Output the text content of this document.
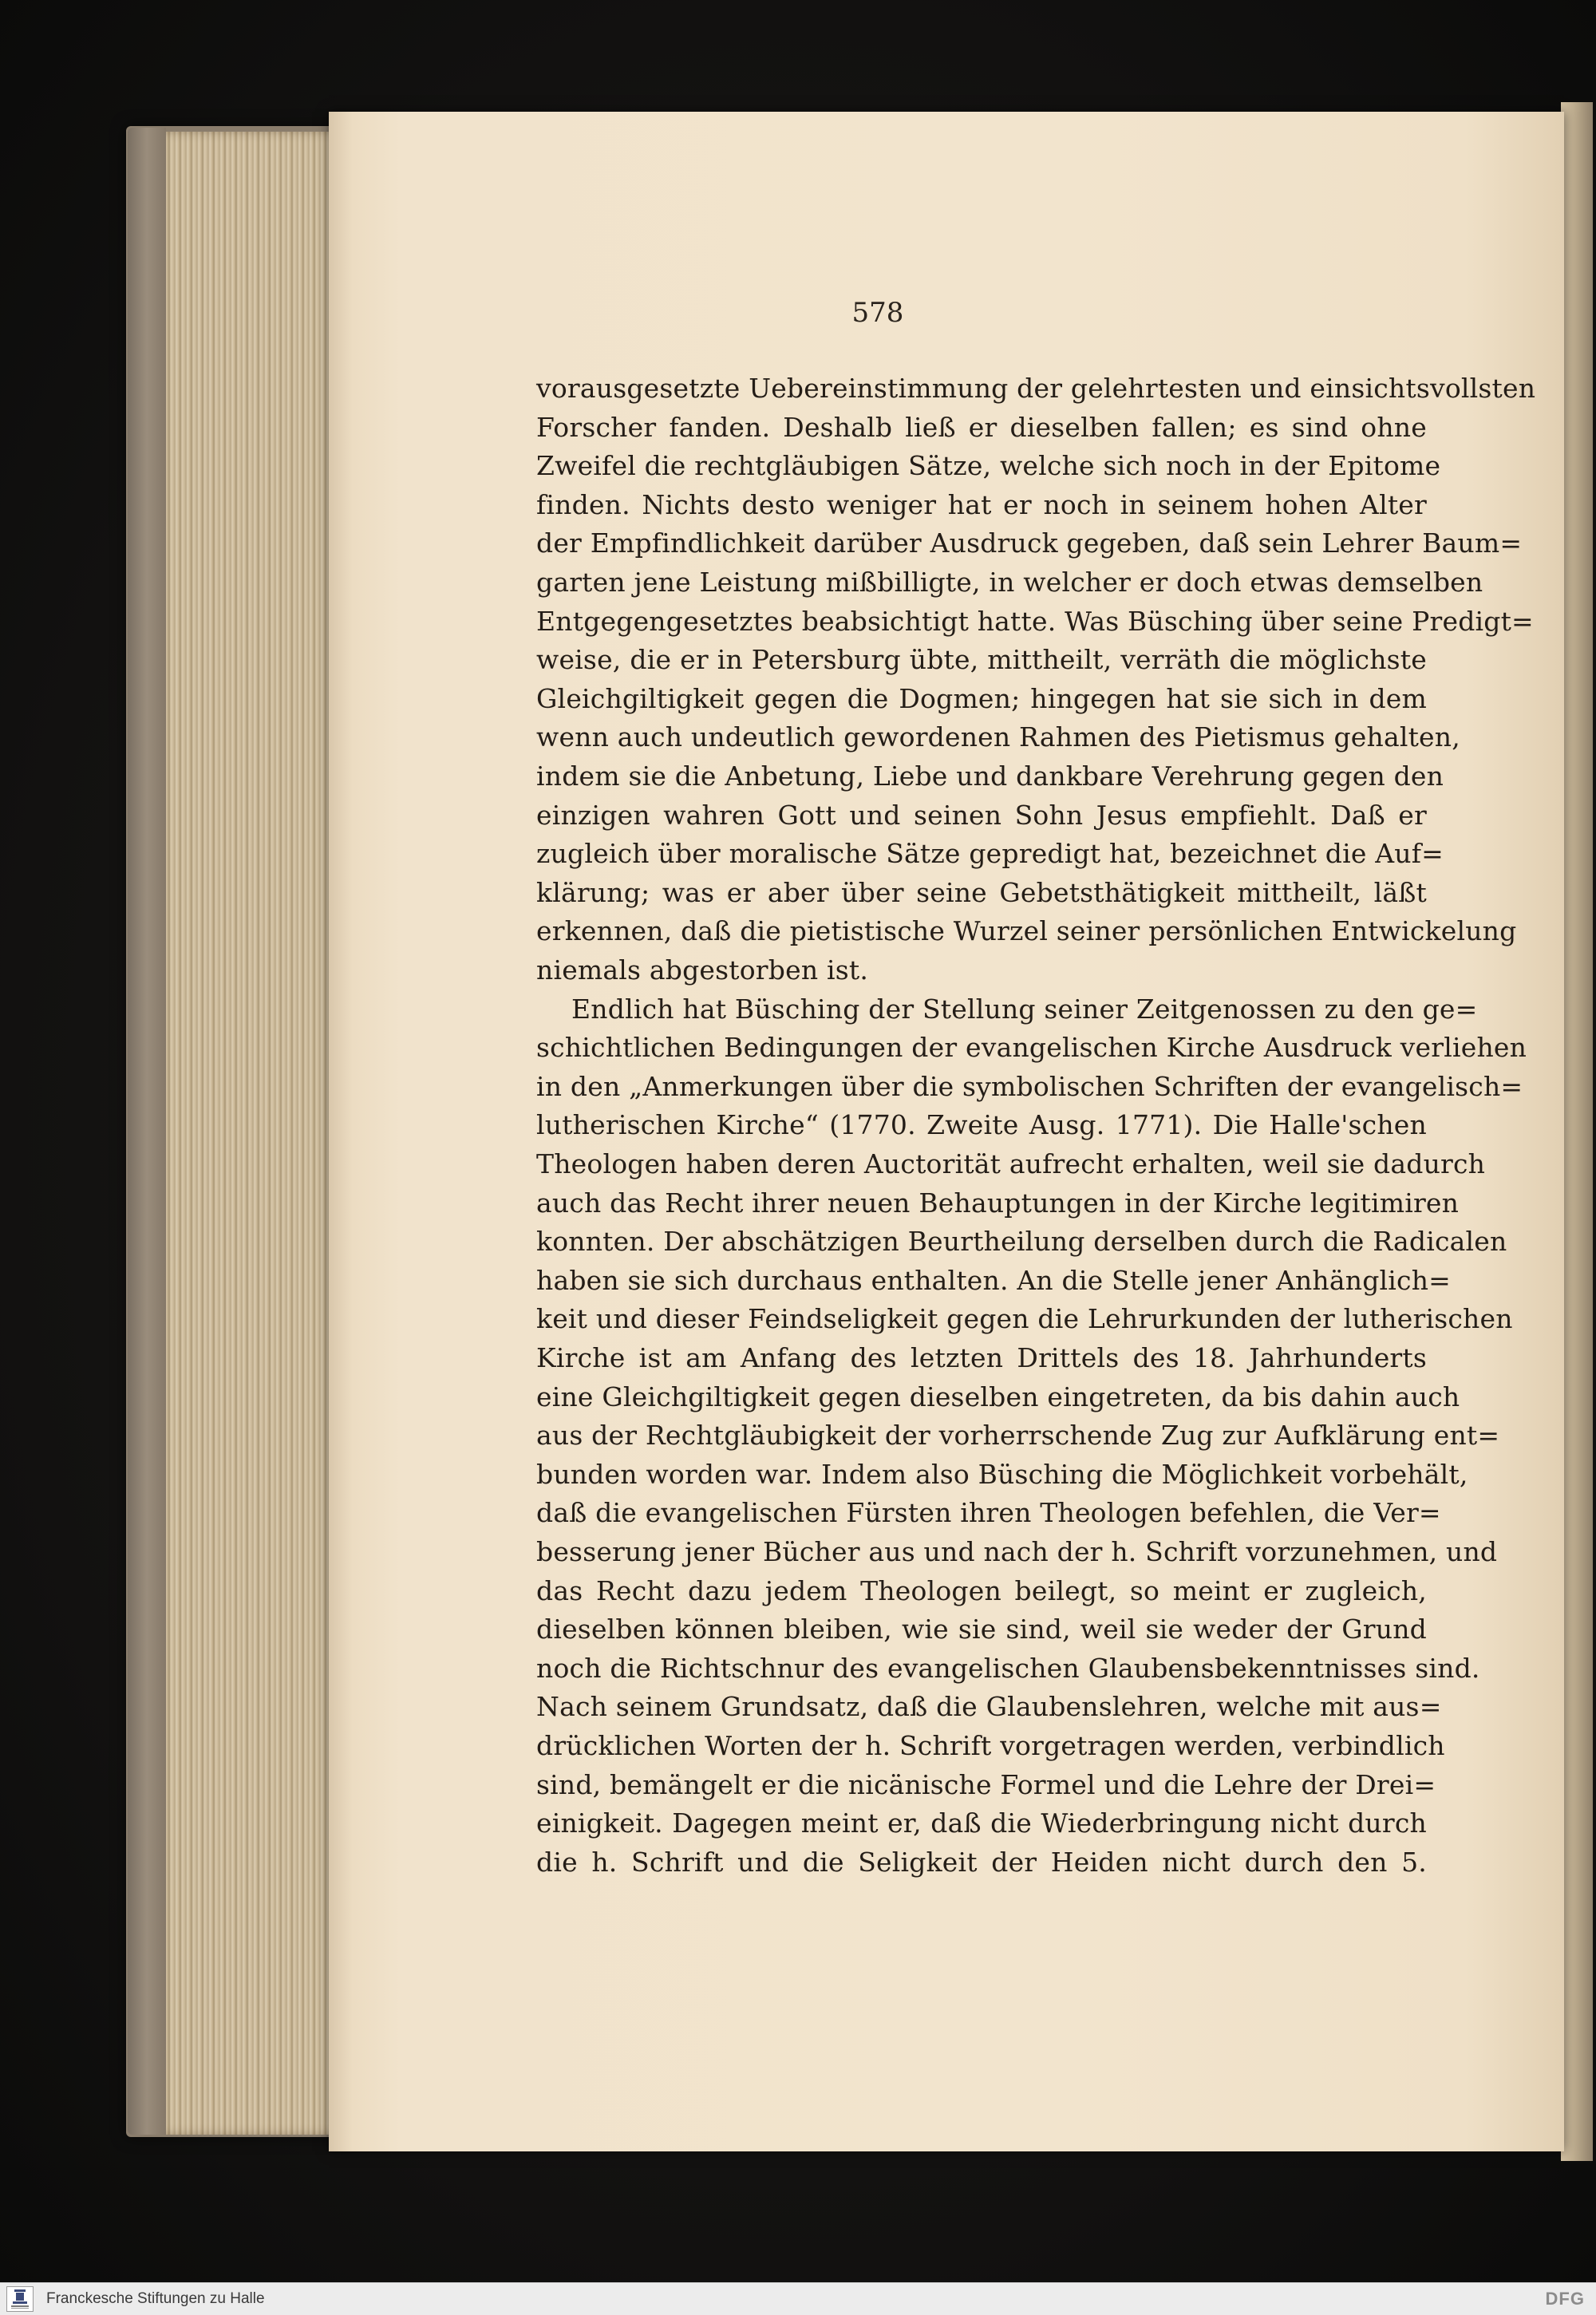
578
vorausgesetzte Uebereinstimmung der gelehrtesten und einsichtsvollsten
Forscher fanden. Deshalb ließ er dieselben fallen; es sind ohne
Zweifel die rechtgläubigen Sätze, welche sich noch in der Epitome
finden. Nichts desto weniger hat er noch in seinem hohen Alter
der Empfindlichkeit darüber Ausdruck gegeben, daß sein Lehrer Baum=
garten jene Leistung mißbilligte, in welcher er doch etwas demselben
Entgegengesetztes beabsichtigt hatte. Was Büsching über seine Predigt=
weise, die er in Petersburg übte, mittheilt, verräth die möglichste
Gleichgiltigkeit gegen die Dogmen; hingegen hat sie sich in dem
wenn auch undeutlich gewordenen Rahmen des Pietismus gehalten,
indem sie die Anbetung, Liebe und dankbare Verehrung gegen den
einzigen wahren Gott und seinen Sohn Jesus empfiehlt. Daß er
zugleich über moralische Sätze gepredigt hat, bezeichnet die Auf=
klärung; was er aber über seine Gebetsthätigkeit mittheilt, läßt
erkennen, daß die pietistische Wurzel seiner persönlichen Entwickelung
niemals abgestorben ist.
Endlich hat Büsching der Stellung seiner Zeitgenossen zu den ge=
schichtlichen Bedingungen der evangelischen Kirche Ausdruck verliehen
in den „Anmerkungen über die symbolischen Schriften der evangelisch=
lutherischen Kirche“ (1770. Zweite Ausg. 1771). Die Halle'schen
Theologen haben deren Auctorität aufrecht erhalten, weil sie dadurch
auch das Recht ihrer neuen Behauptungen in der Kirche legitimiren
konnten. Der abschätzigen Beurtheilung derselben durch die Radicalen
haben sie sich durchaus enthalten. An die Stelle jener Anhänglich=
keit und dieser Feindseligkeit gegen die Lehrurkunden der lutherischen
Kirche ist am Anfang des letzten Drittels des 18. Jahrhunderts
eine Gleichgiltigkeit gegen dieselben eingetreten, da bis dahin auch
aus der Rechtgläubigkeit der vorherrschende Zug zur Aufklärung ent=
bunden worden war. Indem also Büsching die Möglichkeit vorbehält,
daß die evangelischen Fürsten ihren Theologen befehlen, die Ver=
besserung jener Bücher aus und nach der h. Schrift vorzunehmen, und
das Recht dazu jedem Theologen beilegt, so meint er zugleich,
dieselben können bleiben, wie sie sind, weil sie weder der Grund
noch die Richtschnur des evangelischen Glaubensbekenntnisses sind.
Nach seinem Grundsatz, daß die Glaubenslehren, welche mit aus=
drücklichen Worten der h. Schrift vorgetragen werden, verbindlich
sind, bemängelt er die nicänische Formel und die Lehre der Drei=
einigkeit. Dagegen meint er, daß die Wiederbringung nicht durch
die h. Schrift und die Seligkeit der Heiden nicht durch den 5.
Franckesche Stiftungen zu Halle	DFG
